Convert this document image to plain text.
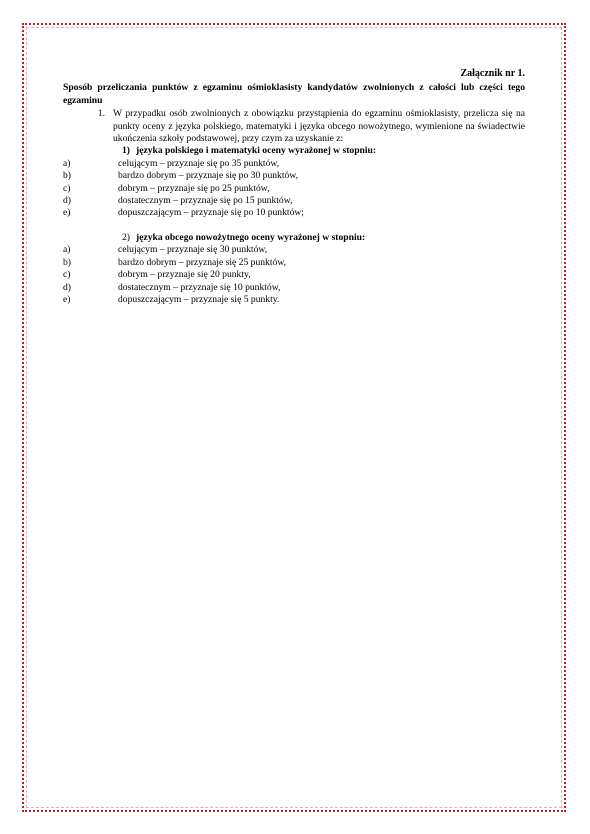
Załącznik nr 1.
Sposób przeliczania punktów z egzaminu ośmioklasisty kandydatów zwolnionych z całości lub części tego egzaminu
1. W przypadku osób zwolnionych z obowiązku przystąpienia do egzaminu ośmioklasisty, przelicza się na punkty oceny z języka polskiego, matematyki i języka obcego nowożytnego, wymienione na świadectwie ukończenia szkoły podstawowej, przy czym za uzyskanie z:
1) języka polskiego i matematyki oceny wyrażonej w stopniu:
a)	celującym – przyznaje się po 35 punktów,
b)	bardzo dobrym – przyznaje się po 30 punktów,
c)	dobrym – przyznaje się po 25 punktów,
d)	dostatecznym – przyznaje się po 15 punktów,
e)	dopuszczającym – przyznaje się po 10 punktów;
2) języka obcego nowożytnego oceny wyrażonej w stopniu:
a)	celującym – przyznaje się 30 punktów,
b)	bardzo dobrym – przyznaje się 25 punktów,
c)	dobrym – przyznaje się 20 punkty,
d)	dostatecznym – przyznaje się 10 punktów,
e)	dopuszczającym – przyznaje się 5 punkty.
